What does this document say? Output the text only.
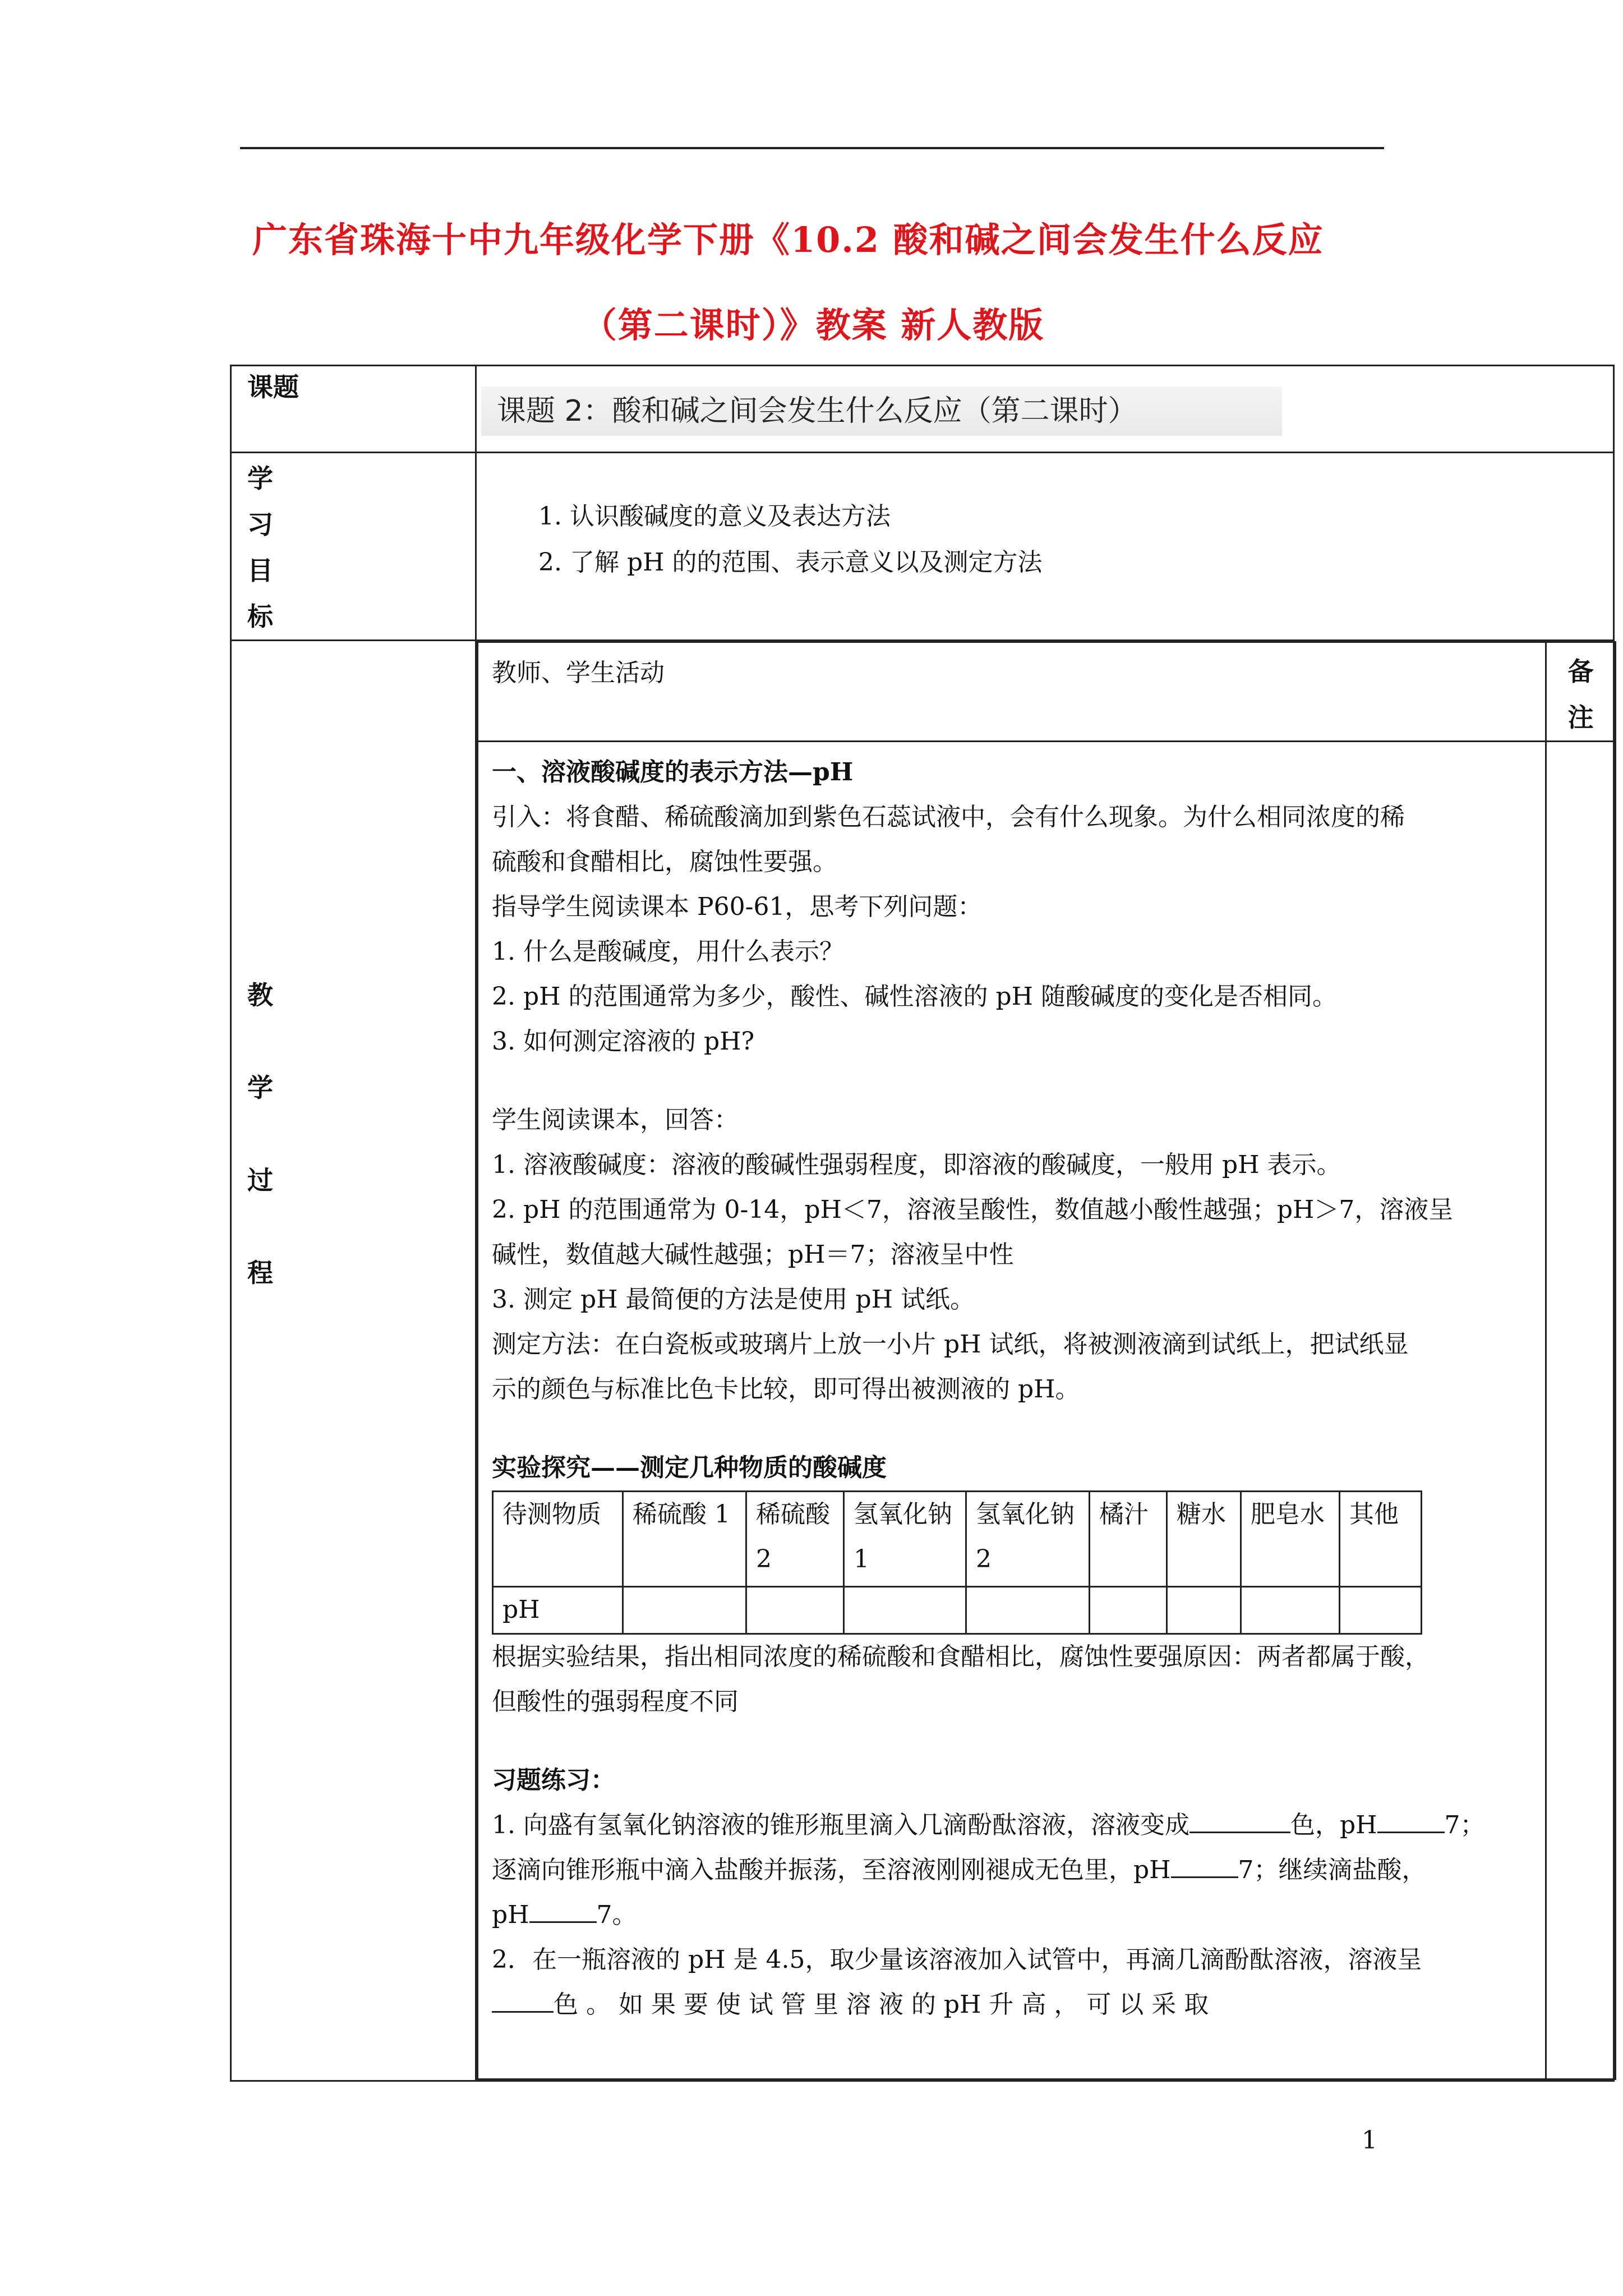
广东省珠海十中九年级化学下册《10.2 酸和碱之间会发生什么反应
（第二课时）》教案 新人教版
课题

课题 2：酸和碱之间会发生什么反应（第二课时）

学
习
目
标

1. 认识酸碱度的意义及表达方法
2. 了解 pH 的的范围、表示意义以及测定方法

教
学
过
程

教师、学生活动	备
注

一、溶液酸碱度的表示方法—pH

引入：将食醋、稀硫酸滴加到紫色石蕊试液中，会有什么现象。为什么相同浓度的稀

硫酸和食醋相比，腐蚀性要强。

指导学生阅读课本 P60-61，思考下列问题：

1. 什么是酸碱度，用什么表示？

2. pH 的范围通常为多少，酸性、碱性溶液的 pH 随酸碱度的变化是否相同。

3. 如何测定溶液的 pH?

学生阅读课本，回答：

1. 溶液酸碱度：溶液的酸碱性强弱程度，即溶液的酸碱度，一般用 pH 表示。

2. pH 的范围通常为 0-14，pH＜7，溶液呈酸性，数值越小酸性越强；pH＞7，溶液呈

碱性，数值越大碱性越强；pH＝7；溶液呈中性

3. 测定 pH 最简便的方法是使用 pH 试纸。

测定方法：在白瓷板或玻璃片上放一小片 pH 试纸，将被测液滴到试纸上，把试纸显

示的颜色与标准比色卡比较，即可得出被测液的 pH。

实验探究——测定几种物质的酸碱度

待测物质	稀硫酸 1	稀硫酸 2	氢氧化钠 1	氢氧化钠 2	橘汁	糖水	肥皂水	其他
pH								

根据实验结果，指出相同浓度的稀硫酸和食醋相比，腐蚀性要强原因：两者都属于酸，

但酸性的强弱程度不同

习题练习：

1. 向盛有氢氧化钠溶液的锥形瓶里滴入几滴酚酞溶液，溶液变成	色，pH	7；

逐滴向锥形瓶中滴入盐酸并振荡，至溶液刚刚褪成无色里，pH	7；继续滴盐酸，

pH	7。

2．在一瓶溶液的 pH 是 4.5，取少量该溶液加入试管中，再滴几滴酚酞溶液，溶液呈

色 。 如 果 要 使 试 管 里 溶 液 的 pH 升 高 ， 可 以 采 取

1
